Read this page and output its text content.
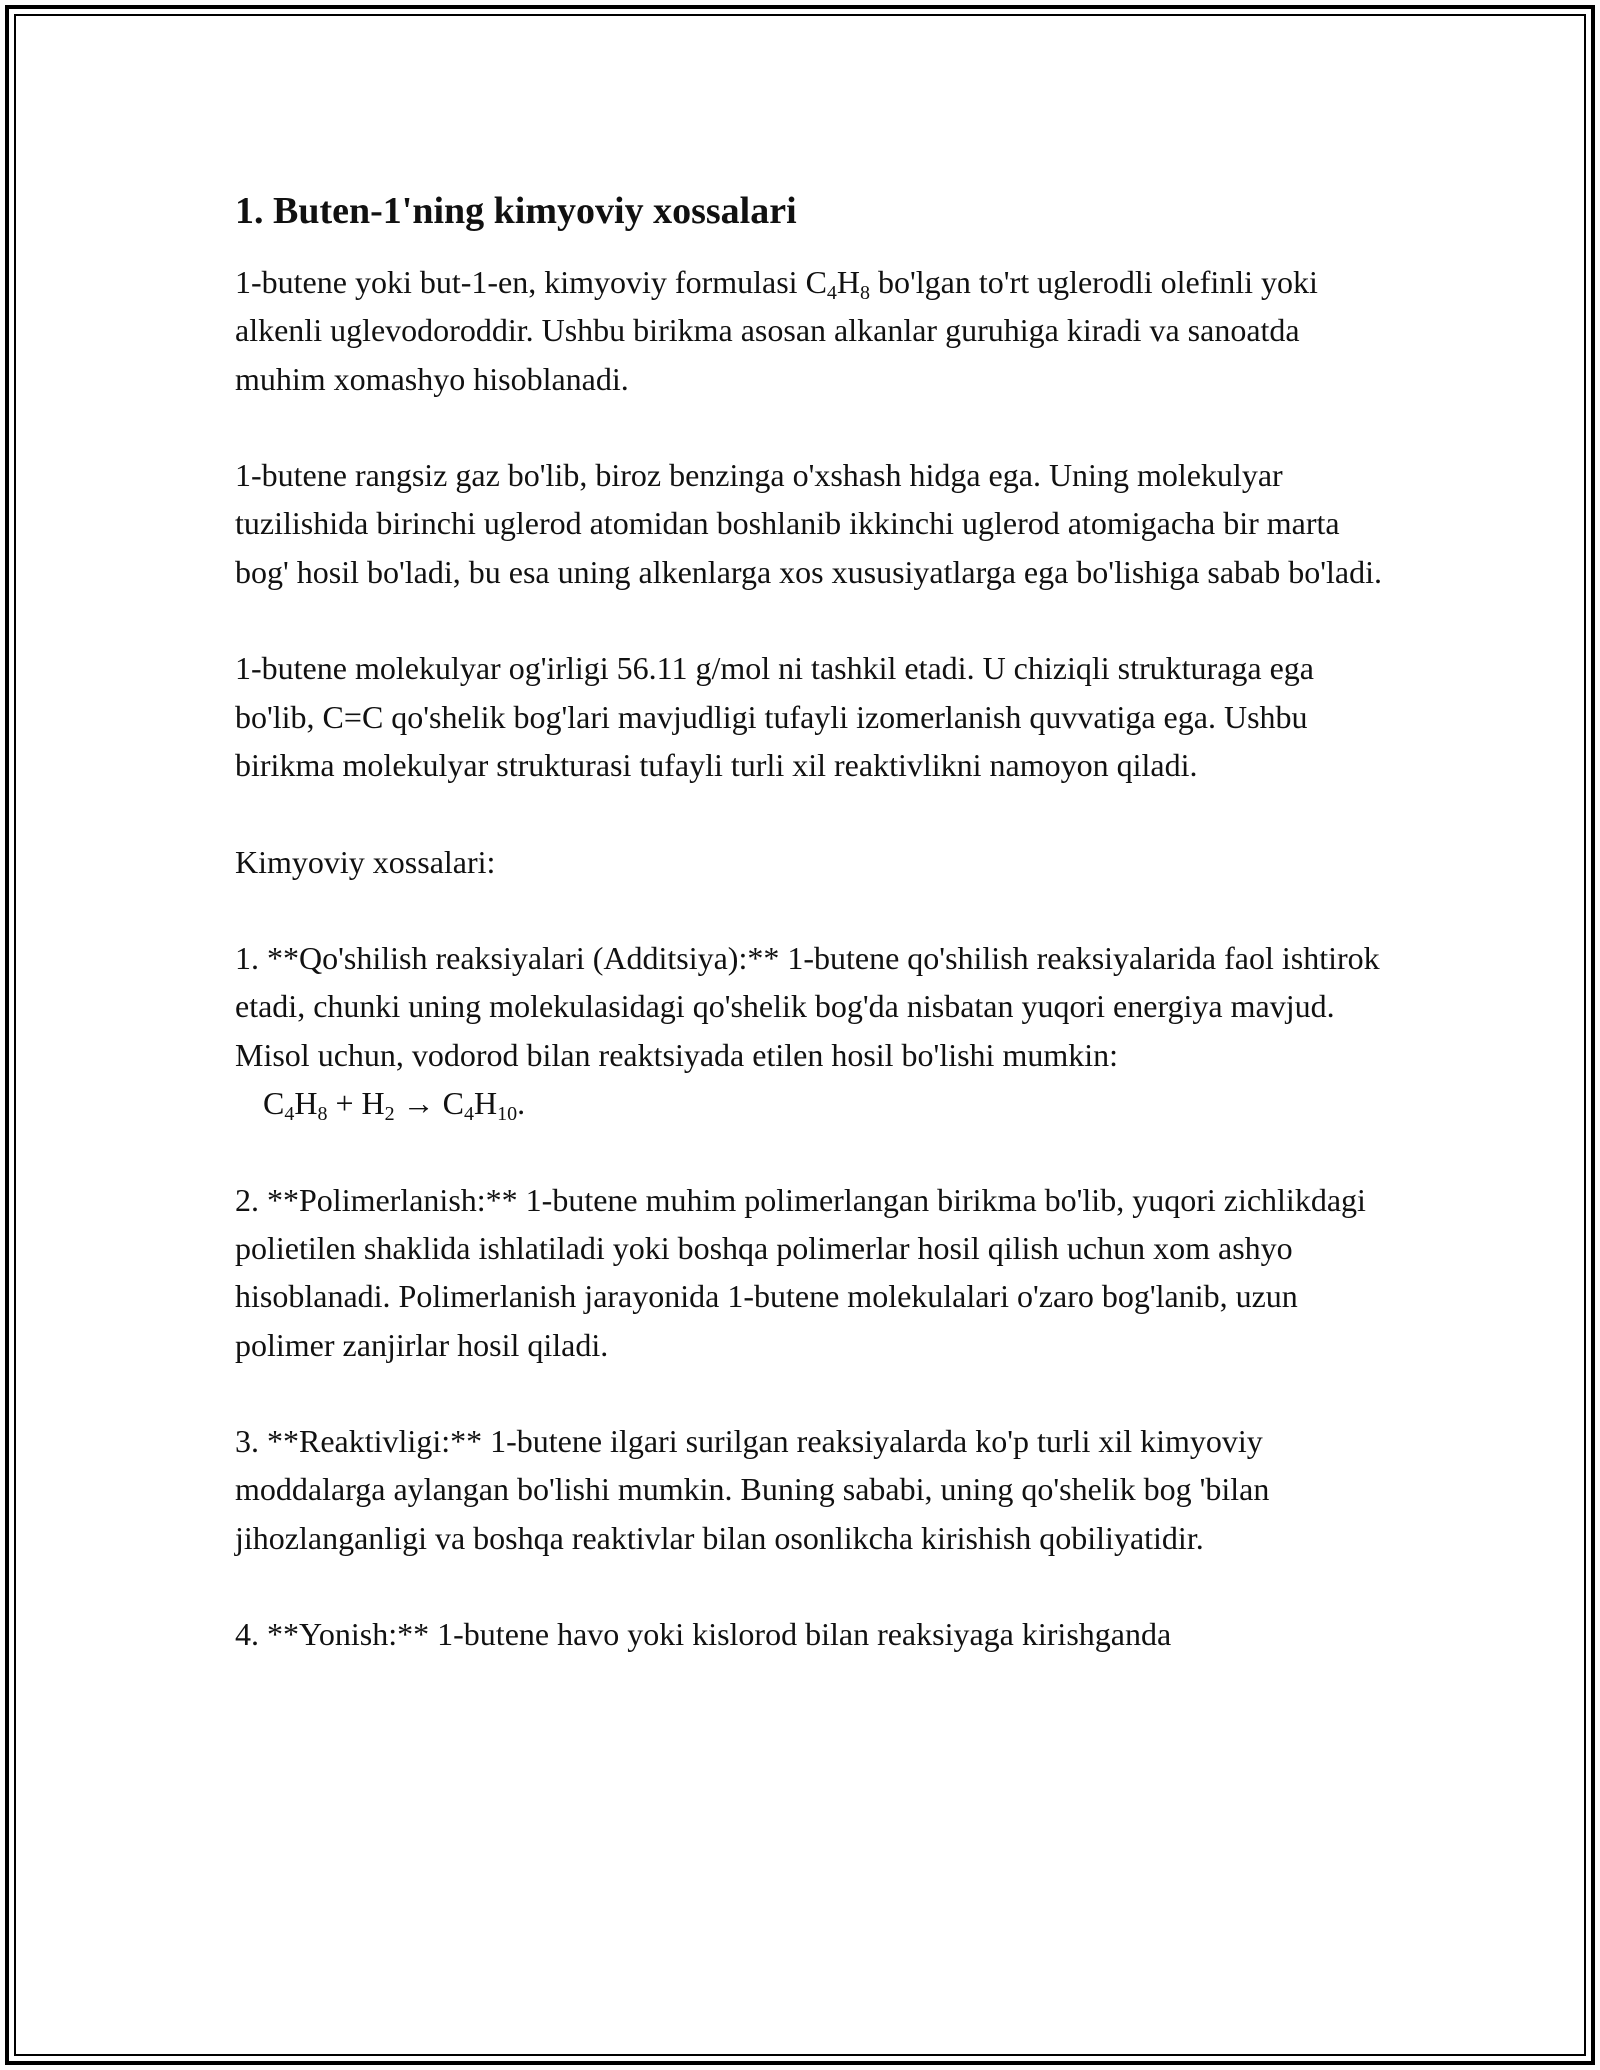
1. Buten-1'ning kimyoviy xossalari

1-butene yoki but-1-en, kimyoviy formulasi $C_4H_8$ bo'lgan to'rt uglerodli olefinli yoki alkenli uglevodoroddir. Ushbu birikma asosan alkanlar guruhiga kiradi va sanoatda muhim xomashyo hisoblanadi.

1-butene rangsiz gaz bo'lib, biroz benzinga o'xshash hidga ega. Uning molekulyar tuzilishida birinchi uglerod atomidan boshlanib ikkinchi uglerod atomigacha bir marta bog' hosil bo'ladi, bu esa uning alkenlarga xos xususiyatlarga ega bo'lishiga sabab bo'ladi.

1-butene molekulyar og'irligi 56.11 g/mol ni tashkil etadi. U chiziqli strukturaga ega bo'lib, C=C qo'shelik bog'lari mavjudligi tufayli izomerlanish quvvatiga ega. Ushbu birikma molekulyar strukturasi tufayli turli xil reaktivlikni namoyon qiladi.

Kimyoviy xossalari:

1. **Qo'shilish reaksiyalari (Additsiya):** 1-butene qo'shilish reaksiyalarida faol ishtirok etadi, chunki uning molekulasidagi qo'shelik bog'da nisbatan yuqori energiya mavjud. Misol uchun, vodorod bilan reaktsiyada etilen hosil bo'lishi mumkin:
$C_4H_8 + H_2 \to C_4H_{10}$.

2. **Polimerlanish:** 1-butene muhim polimerlangan birikma bo'lib, yuqori zichlikdagi polietilen shaklida ishlatiladi yoki boshqa polimerlar hosil qilish uchun xom ashyo hisoblanadi. Polimerlanish jarayonida 1-butene molekulalari o'zaro bog'lanib, uzun polimer zanjirlar hosil qiladi.

3. **Reaktivligi:** 1-butene ilgari surilgan reaksiyalarda ko'p turli xil kimyoviy moddalarga aylangan bo'lishi mumkin. Buning sababi, uning qo'shelik bog 'bilan jihozlanganligi va boshqa reaktivlar bilan osonlikcha kirishish qobiliyatidir.

4. **Yonish:** 1-butene havo yoki kislorod bilan reaksiyaga kirishganda
